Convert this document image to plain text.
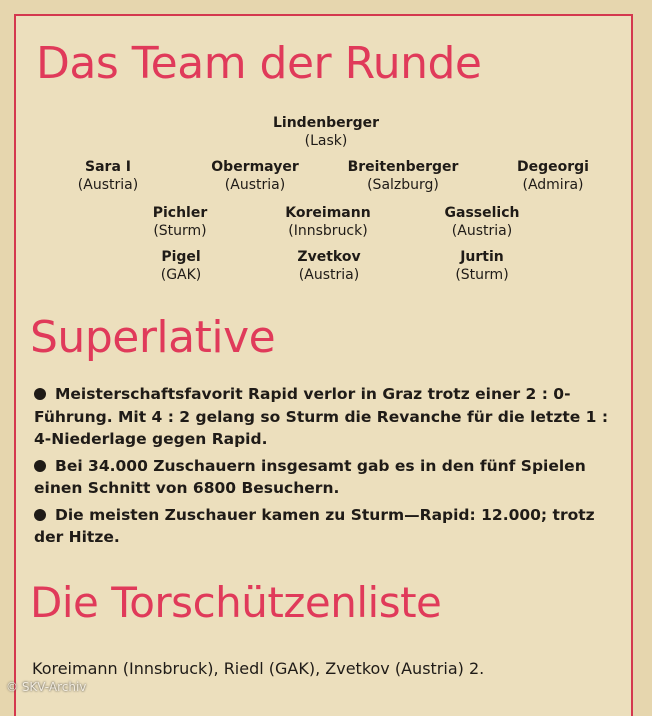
Das Team der Runde
Lindenberger
(Lask)
Sara I
(Austria)
Obermayer
(Austria)
Breitenberger
(Salzburg)
Degeorgi
(Admira)
Pichler
(Sturm)
Koreimann
(Innsbruck)
Gasselich
(Austria)
Pigel
(GAK)
Zvetkov
(Austria)
Jurtin
(Sturm)
Superlative
Meisterschaftsfavorit Rapid verlor in Graz trotz einer 2 : 0-Führung. Mit 4 : 2 gelang so Sturm die Revanche für die letzte 1 : 4-Niederlage gegen Rapid.
Bei 34.000 Zuschauern insgesamt gab es in den fünf Spielen einen Schnitt von 6800 Besuchern.
Die meisten Zuschauer kamen zu Sturm—Rapid: 12.000; trotz der Hitze.
Die Torschützenliste
Koreimann (Innsbruck), Riedl (GAK), Zvetkov (Austria) 2.
© SKV-Archiv
